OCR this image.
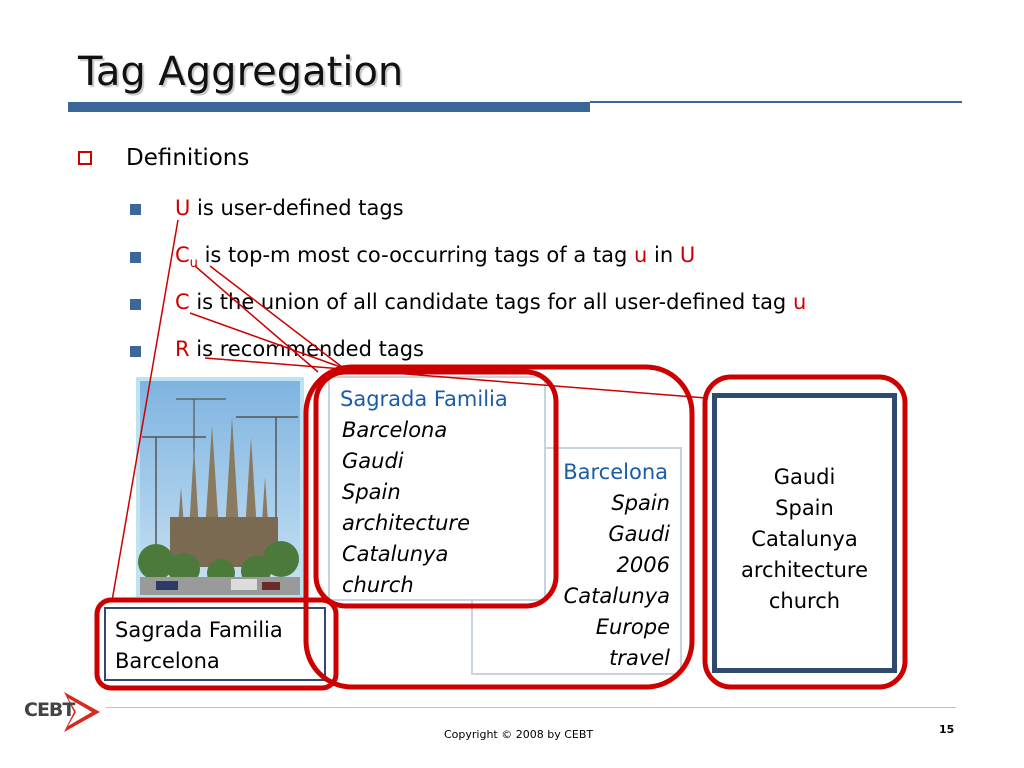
Tag Aggregation
Definitions
U is user-defined tags
$C_u$ is top-m most co-occurring tags of a tag u in U
C is the union of all candidate tags for all user-defined tag u
R is recommended tags
Barcelona
Spain
Gaudi
2006
Catalunya
Europe
travel
Sagrada Familia
Barcelona
Gaudi
Spain
architecture
Catalunya
church
Sagrada Familia
Barcelona
Gaudi
Spain
Catalunya
architecture
church
CEBT
Copyright © 2008 by CEBT	15
